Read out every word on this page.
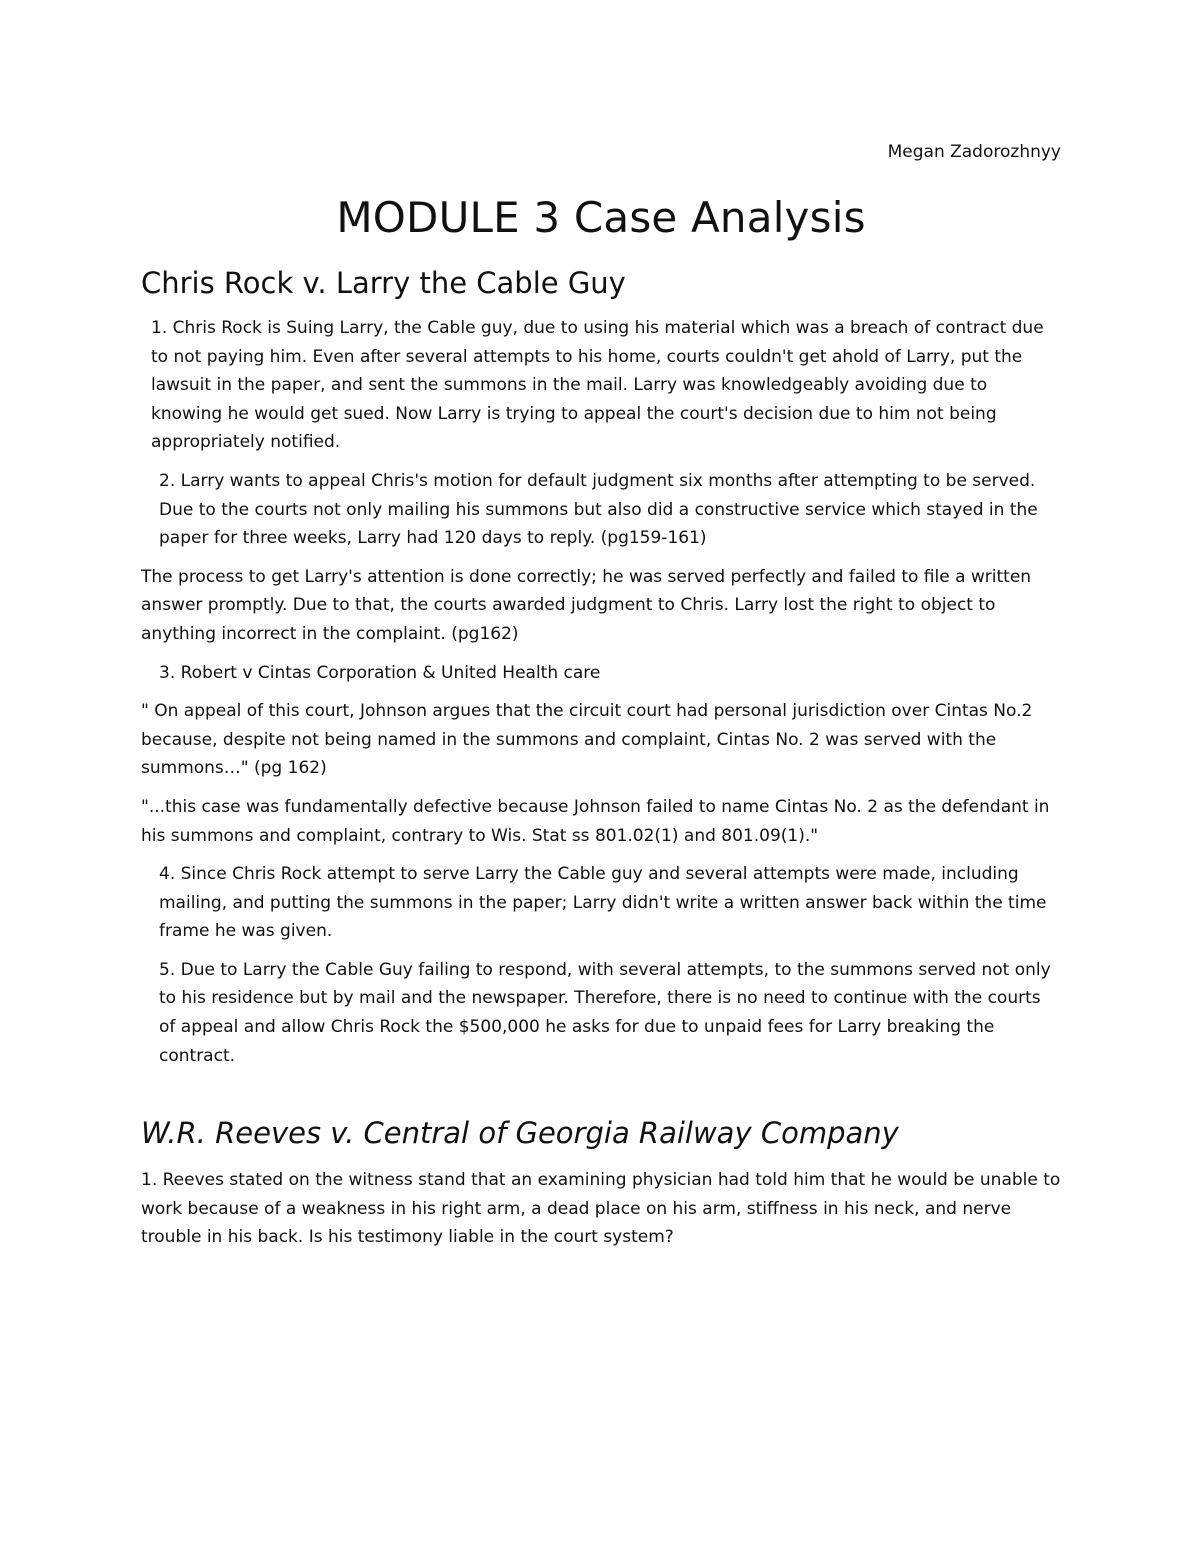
Megan Zadorozhnyy

MODULE 3 Case Analysis
Chris Rock v. Larry the Cable Guy

1. Chris Rock is Suing Larry, the Cable guy, due to using his material which was a breach of contract due to not paying him. Even after several attempts to his home, courts couldn't get ahold of Larry, put the lawsuit in the paper, and sent the summons in the mail. Larry was knowledgeably avoiding due to knowing he would get sued. Now Larry is trying to appeal the court's decision due to him not being appropriately notified.

2. Larry wants to appeal Chris's motion for default judgment six months after attempting to be served. Due to the courts not only mailing his summons but also did a constructive service which stayed in the paper for three weeks, Larry had 120 days to reply. (pg159-161)

The process to get Larry's attention is done correctly; he was served perfectly and failed to file a written answer promptly. Due to that, the courts awarded judgment to Chris. Larry lost the right to object to anything incorrect in the complaint. (pg162)

3. Robert v Cintas Corporation & United Health care

" On appeal of this court, Johnson argues that the circuit court had personal jurisdiction over Cintas No.2 because, despite not being named in the summons and complaint, Cintas No. 2 was served with the summons…" (pg 162)

"...this case was fundamentally defective because Johnson failed to name Cintas No. 2 as the defendant in his summons and complaint, contrary to Wis. Stat ss 801.02(1) and 801.09(1)."

4. Since Chris Rock attempt to serve Larry the Cable guy and several attempts were made, including mailing, and putting the summons in the paper; Larry didn't write a written answer back within the time frame he was given.

5. Due to Larry the Cable Guy failing to respond, with several attempts, to the summons served not only to his residence but by mail and the newspaper. Therefore, there is no need to continue with the courts of appeal and allow Chris Rock the $500,000 he asks for due to unpaid fees for Larry breaking the contract.

W.R. Reeves v. Central of Georgia Railway Company

1. Reeves stated on the witness stand that an examining physician had told him that he would be unable to work because of a weakness in his right arm, a dead place on his arm, stiffness in his neck, and nerve trouble in his back. Is his testimony liable in the court system?
